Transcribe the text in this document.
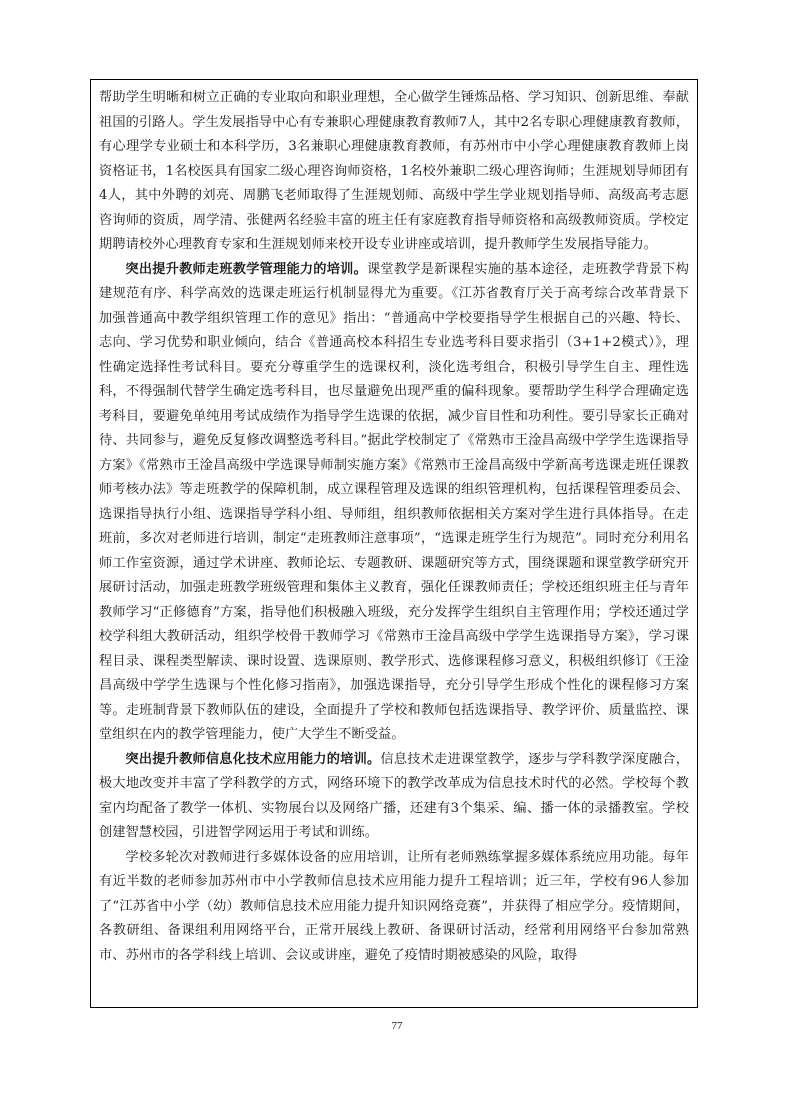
帮助学生明晰和树立正确的专业取向和职业理想，全心做学生锤炼品格、学习知识、创新思维、奉献祖国的引路人。学生发展指导中心有专兼职心理健康教育教师7人，其中2名专职心理健康教育教师，有心理学专业硕士和本科学历，3名兼职心理健康教育教师，有苏州市中小学心理健康教育教师上岗资格证书，1名校医具有国家二级心理咨询师资格，1名校外兼职二级心理咨询师；生涯规划导师团有4人，其中外聘的刘亮、周鹏飞老师取得了生涯规划师、高级中学生学业规划指导师、高级高考志愿咨询师的资质，周学清、张健两名经验丰富的班主任有家庭教育指导师资格和高级教师资质。学校定期聘请校外心理教育专家和生涯规划师来校开设专业讲座或培训，提升教师学生发展指导能力。

突出提升教师走班教学管理能力的培训。课堂教学是新课程实施的基本途径，走班教学背景下构建规范有序、科学高效的选课走班运行机制显得尤为重要。《江苏省教育厅关于高考综合改革背景下加强普通高中教学组织管理工作的意见》指出：“普通高中学校要指导学生根据自己的兴趣、特长、志向、学习优势和职业倾向，结合《普通高校本科招生专业选考科目要求指引（3+1+2模式）》，理性确定选择性考试科目。要充分尊重学生的选课权利，淡化选考组合，积极引导学生自主、理性选科，不得强制代替学生确定选考科目，也尽量避免出现严重的偏科现象。要帮助学生科学合理确定选考科目，要避免单纯用考试成绩作为指导学生选课的依据，减少盲目性和功利性。要引导家长正确对待、共同参与，避免反复修改调整选考科目。”据此学校制定了《常熟市王淦昌高级中学学生选课指导方案》《常熟市王淦昌高级中学选课导师制实施方案》《常熟市王淦昌高级中学新高考选课走班任课教师考核办法》等走班教学的保障机制，成立课程管理及选课的组织管理机构，包括课程管理委员会、选课指导执行小组、选课指导学科小组、导师组，组织教师依据相关方案对学生进行具体指导。在走班前，多次对老师进行培训，制定“走班教师注意事项”，“选课走班学生行为规范”。同时充分利用名师工作室资源，通过学术讲座、教师论坛、专题教研、课题研究等方式，围绕课题和课堂教学研究开展研讨活动，加强走班教学班级管理和集体主义教育，强化任课教师责任；学校还组织班主任与青年教师学习“正修德育”方案，指导他们积极融入班级，充分发挥学生组织自主管理作用；学校还通过学校学科组大教研活动，组织学校骨干教师学习《常熟市王淦昌高级中学学生选课指导方案》，学习课程目录、课程类型解读、课时设置、选课原则、教学形式、选修课程修习意义，积极组织修订《王淦昌高级中学学生选课与个性化修习指南》，加强选课指导，充分引导学生形成个性化的课程修习方案等。走班制背景下教师队伍的建设，全面提升了学校和教师包括选课指导、教学评价、质量监控、课堂组织在内的教学管理能力，使广大学生不断受益。

突出提升教师信息化技术应用能力的培训。信息技术走进课堂教学，逐步与学科教学深度融合，极大地改变并丰富了学科教学的方式，网络环境下的教学改革成为信息技术时代的必然。学校每个教室内均配备了教学一体机、实物展台以及网络广播，还建有3个集采、编、播一体的录播教室。学校创建智慧校园，引进智学网运用于考试和训练。

学校多轮次对教师进行多媒体设备的应用培训，让所有老师熟练掌握多媒体系统应用功能。每年有近半数的老师参加苏州市中小学教师信息技术应用能力提升工程培训；近三年，学校有96人参加了“江苏省中小学（幼）教师信息技术应用能力提升知识网络竞赛”，并获得了相应学分。疫情期间，各教研组、备课组利用网络平台，正常开展线上教研、备课研讨活动，经常利用网络平台参加常熟市、苏州市的各学科线上培训、会议或讲座，避免了疫情时期被感染的风险，取得

77
